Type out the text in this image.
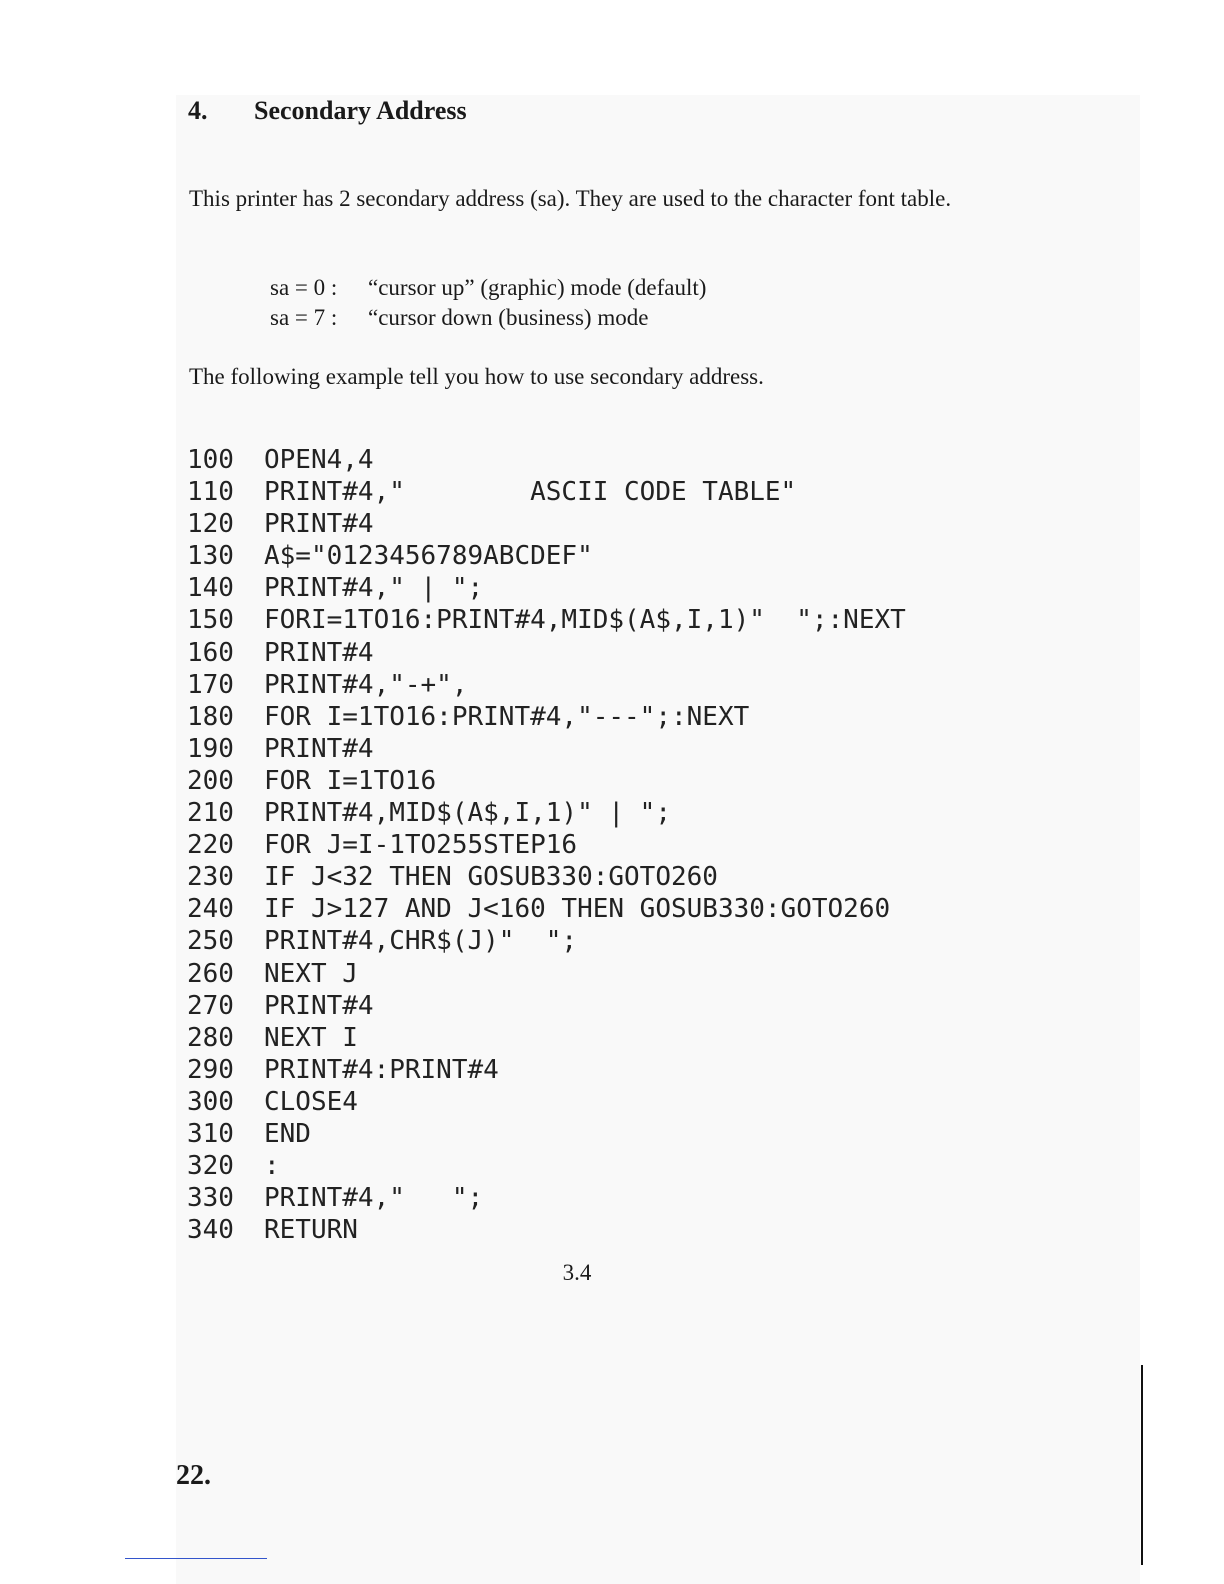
4. Secondary Address
This printer has 2 secondary address (sa). They are used to the character font table.
sa = 0 : “cursor up” (graphic) mode (default)
sa = 7 : “cursor down (business) mode
The following example tell you how to use secondary address.
100 OPEN4,4
110 PRINT#4,"        ASCII CODE TABLE"
120 PRINT#4
130 A$="0123456789ABCDEF"
140 PRINT#4," | ";
150 FORI=1TO16:PRINT#4,MID$(A$,I,1)"  ";:NEXT
160 PRINT#4
170 PRINT#4,"-+",
180 FOR I=1TO16:PRINT#4,"---";:NEXT
190 PRINT#4
200 FOR I=1TO16
210 PRINT#4,MID$(A$,I,1)" | ";
220 FOR J=I-1TO255STEP16
230 IF J<32 THEN GOSUB330:GOTO260
240 IF J>127 AND J<160 THEN GOSUB330:GOTO260
250 PRINT#4,CHR$(J)"  ";
260 NEXT J
270 PRINT#4
280 NEXT I
290 PRINT#4:PRINT#4
300 CLOSE4
310 END
320 :
330 PRINT#4,"   ";
340 RETURN
3.4
22.
